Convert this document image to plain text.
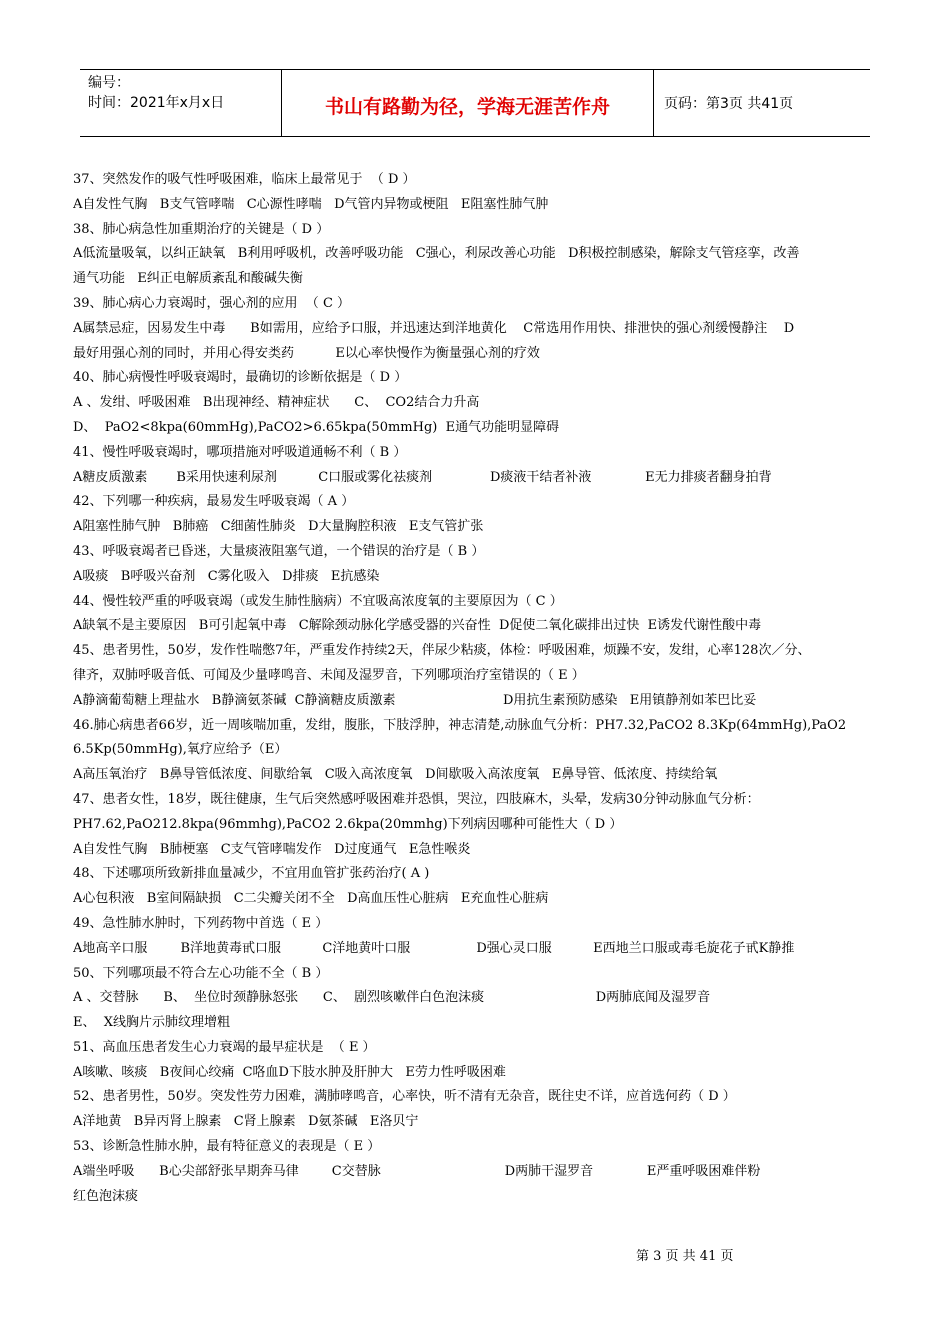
编号：
时间：2021年x月x日	书山有路勤为径，学海无涯苦作舟	页码：第3页 共41页
37、突然发作的吸气性呼吸困难，临床上最常见于  （ D ）
A自发性气胸   B支气管哮喘   C心源性哮喘   D气管内异物或梗阻   E阻塞性肺气肿
38、肺心病急性加重期治疗的关键是（ D ）
A低流量吸氧，以纠正缺氧   B利用呼吸机，改善呼吸功能   C强心，利尿改善心功能   D积极控制感染，解除支气管痉挛，改善
通气功能   E纠正电解质紊乱和酸碱失衡
39、肺心病心力衰竭时，强心剂的应用  （ C ）
A属禁忌症，因易发生中毒      B如需用，应给予口服，并迅速达到洋地黄化    C常选用作用快、排泄快的强心剂缓慢静注    D
最好用强心剂的同时，并用心得安类药          E以心率快慢作为衡量强心剂的疗效
40、肺心病慢性呼吸衰竭时，最确切的诊断依据是（ D ）
A 、发绀、呼吸困难   B出现神经、精神症状      C、  CO2结合力升高
D、  PaO2<8kpa(60mmHg),PaCO2>6.65kpa(50mmHg)  E通气功能明显障碍
41、慢性呼吸衰竭时，哪项措施对呼吸道通畅不利（ B ）
A糖皮质激素       B采用快速利尿剂          C口服或雾化祛痰剂              D痰液干结者补液             E无力排痰者翻身拍背
42、下列哪一种疾病，最易发生呼吸衰竭（ A ）
A阻塞性肺气肿   B肺癌   C细菌性肺炎   D大量胸腔积液   E支气管扩张
43、呼吸衰竭者已昏迷，大量痰液阻塞气道，一个错误的治疗是（ B ）
A吸痰   B呼吸兴奋剂   C雾化吸入   D排痰   E抗感染
44、慢性较严重的呼吸衰竭（或发生肺性脑病）不宜吸高浓度氧的主要原因为（ C ）
A缺氧不是主要原因   B可引起氧中毒   C解除颈动脉化学感受器的兴奋性  D促使二氧化碳排出过快  E诱发代谢性酸中毒
45、患者男性，50岁，发作性喘憋7年，严重发作持续2天，伴尿少粘痰，体检：呼吸困难，烦躁不安，发绀，心率128次／分、
律齐，双肺呼吸音低、可闻及少量哮鸣音、未闻及湿罗音，下列哪项治疗室错误的（ E ）
A静滴葡萄糖上理盐水   B静滴氨茶碱  C静滴糖皮质激素                          D用抗生素预防感染   E用镇静剂如苯巴比妥
46.肺心病患者66岁，近一周咳喘加重，发绀，腹胀，下肢浮肿，神志清楚,动脉血气分析：PH7.32,PaCO2 8.3Kp(64mmHg),PaO2
6.5Kp(50mmHg),氧疗应给予（E）
A高压氧治疗   B鼻导管低浓度、间歇给氧   C吸入高浓度氧   D间歇吸入高浓度氧   E鼻导管、低浓度、持续给氧
47、患者女性，18岁，既往健康，生气后突然感呼吸困难并恐惧，哭泣，四肢麻木，头晕，发病30分钟动脉血气分析：
PH7.62,PaO212.8kpa(96mmhg),PaCO2 2.6kpa(20mmhg)下列病因哪种可能性大（ D ）
A自发性气胸   B肺梗塞   C支气管哮喘发作   D过度通气   E急性喉炎
48、下述哪项所致新排血量减少，不宜用血管扩张药治疗( A )
A心包积液   B室间隔缺损   C二尖瓣关闭不全   D高血压性心脏病   E充血性心脏病
49、急性肺水肿时，下列药物中首选（ E ）
A地高辛口服        B洋地黄毒甙口服          C洋地黄叶口服                D强心灵口服          E西地兰口服或毒毛旋花子甙K静推
50、下列哪项最不符合左心功能不全（ B ）
A 、交替脉      B、  坐位时颈静脉怒张      C、  剧烈咳嗽伴白色泡沫痰                           D两肺底闻及湿罗音
E、  X线胸片示肺纹理增粗
51、高血压患者发生心力衰竭的最早症状是  （ E ）
A咳嗽、咳痰   B夜间心绞痛  C咯血D下肢水肿及肝肿大   E劳力性呼吸困难
52、患者男性，50岁。突发性劳力困难，满肺哮鸣音，心率快，听不清有无杂音，既往史不详，应首选何药（ D ）
A洋地黄   B异丙肾上腺素   C肾上腺素   D氨茶碱   E洛贝宁
53、诊断急性肺水肿，最有特征意义的表现是（ E ）
A端坐呼吸      B心尖部舒张早期奔马律        C交替脉                              D两肺干湿罗音             E严重呼吸困难伴粉
红色泡沫痰
第 3 页 共 41 页
